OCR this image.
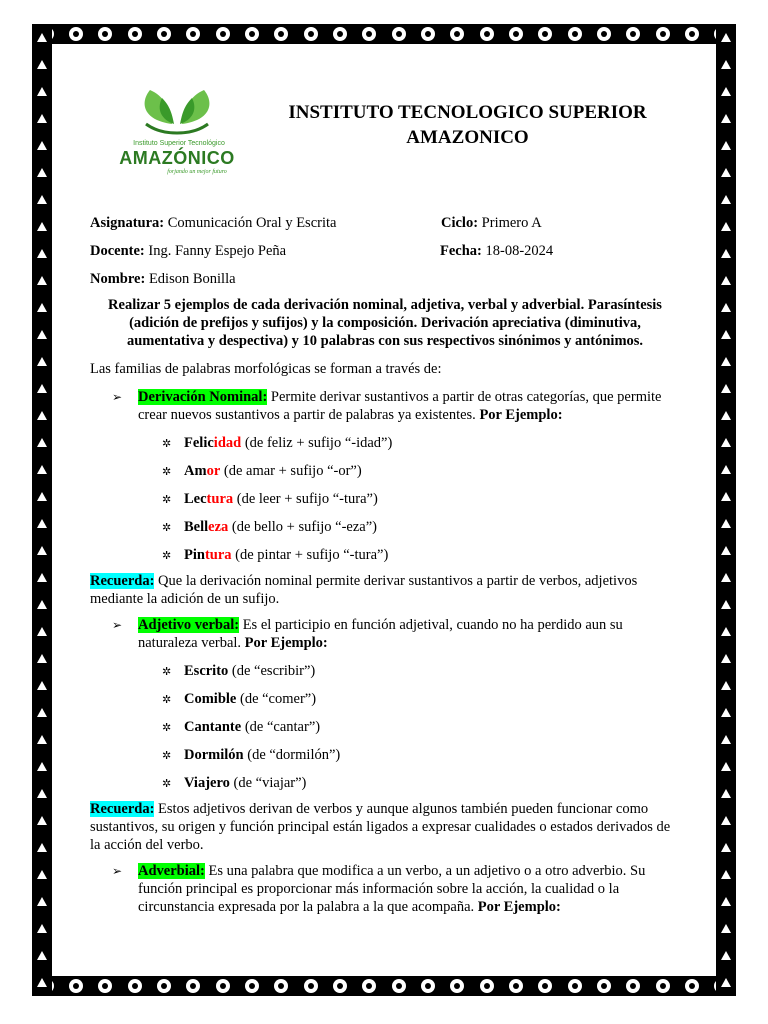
Instituto Superior Tecnológico
AMAZÓNICO
forjando un mejor futuro
INSTITUTO TECNOLOGICO SUPERIOR
AMAZONICO
Asignatura: Comunicación Oral y Escrita	Ciclo: Primero A
Docente: Ing. Fanny Espejo Peña	Fecha: 18-08-2024
Nombre: Edison Bonilla

Realizar 5 ejemplos de cada derivación nominal, adjetiva, verbal y adverbial. Parasíntesis (adición de prefijos y sufijos) y la composición. Derivación apreciativa (diminutiva, aumentativa y despectiva) y 10 palabras con sus respectivos sinónimos y antónimos.

Las familias de palabras morfológicas se forman a través de:

➢ Derivación Nominal: Permite derivar sustantivos a partir de otras categorías, que permite crear nuevos sustantivos a partir de palabras ya existentes. Por Ejemplo:
✲ Felicidad (de feliz + sufijo “-idad”)
✲ Amor (de amar + sufijo “-or”)
✲ Lectura (de leer + sufijo “-tura”)
✲ Belleza (de bello + sufijo “-eza”)
✲ Pintura (de pintar + sufijo “-tura”)

Recuerda: Que la derivación nominal permite derivar sustantivos a partir de verbos, adjetivos mediante la adición de un sufijo.

➢ Adjetivo verbal: Es el participio en función adjetival, cuando no ha perdido aun su naturaleza verbal. Por Ejemplo:
✲ Escrito (de “escribir”)
✲ Comible (de “comer”)
✲ Cantante (de “cantar”)
✲ Dormilón (de “dormilón”)
✲ Viajero (de “viajar”)

Recuerda: Estos adjetivos derivan de verbos y aunque algunos también pueden funcionar como sustantivos, su origen y función principal están ligados a expresar cualidades o estados derivados de la acción del verbo.

➢ Adverbial: Es una palabra que modifica a un verbo, a un adjetivo o a otro adverbio. Su función principal es proporcionar más información sobre la acción, la cualidad o la circunstancia expresada por la palabra a la que acompaña. Por Ejemplo:
